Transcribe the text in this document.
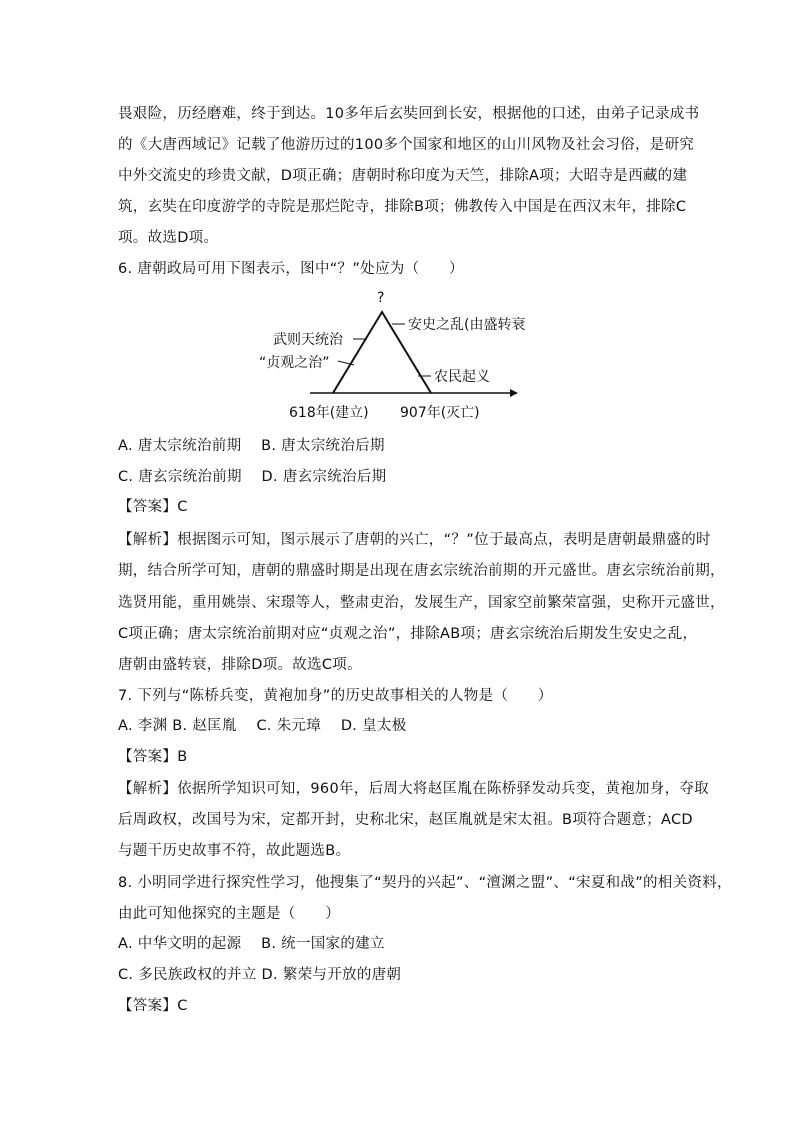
畏艰险，历经磨难，终于到达。10多年后玄奘回到长安，根据他的口述，由弟子记录成书
的《大唐西域记》记载了他游历过的100多个国家和地区的山川风物及社会习俗，是研究
中外交流史的珍贵文献，D项正确；唐朝时称印度为天竺，排除A项；大昭寺是西藏的建
筑，玄奘在印度游学的寺院是那烂陀寺，排除B项；佛教传入中国是在西汉末年，排除C
项。故选D项。
6. 唐朝政局可用下图表示，图中“？”处应为（　　）
?
武则天统治
“贞观之治”
安史之乱(由盛转衰
农民起义
618年(建立) 907年(灭亡)
A. 唐太宗统治前期　 B. 唐太宗统治后期
C. 唐玄宗统治前期　 D. 唐玄宗统治后期
【答案】C
【解析】根据图示可知，图示展示了唐朝的兴亡，“？”位于最高点，表明是唐朝最鼎盛的时
期，结合所学可知，唐朝的鼎盛时期是出现在唐玄宗统治前期的开元盛世。唐玄宗统治前期，
选贤用能，重用姚崇、宋璟等人，整肃吏治，发展生产，国家空前繁荣富强，史称开元盛世，
C项正确；唐太宗统治前期对应“贞观之治”，排除AB项；唐玄宗统治后期发生安史之乱，
唐朝由盛转衰，排除D项。故选C项。
7. 下列与“陈桥兵变，黄袍加身”的历史故事相关的人物是（　　）
A. 李渊 B. 赵匡胤　 C. 朱元璋　 D. 皇太极
【答案】B
【解析】依据所学知识可知，960年，后周大将赵匡胤在陈桥驿发动兵变，黄袍加身，夺取
后周政权，改国号为宋，定都开封，史称北宋，赵匡胤就是宋太祖。B项符合题意；ACD
与题干历史故事不符，故此题选B。
8. 小明同学进行探究性学习，他搜集了“契丹的兴起”、“澶渊之盟”、“宋夏和战”的相关资料，
由此可知他探究的主题是（　　）
A. 中华文明的起源　 B. 统一国家的建立
C. 多民族政权的并立 D. 繁荣与开放的唐朝
【答案】C
